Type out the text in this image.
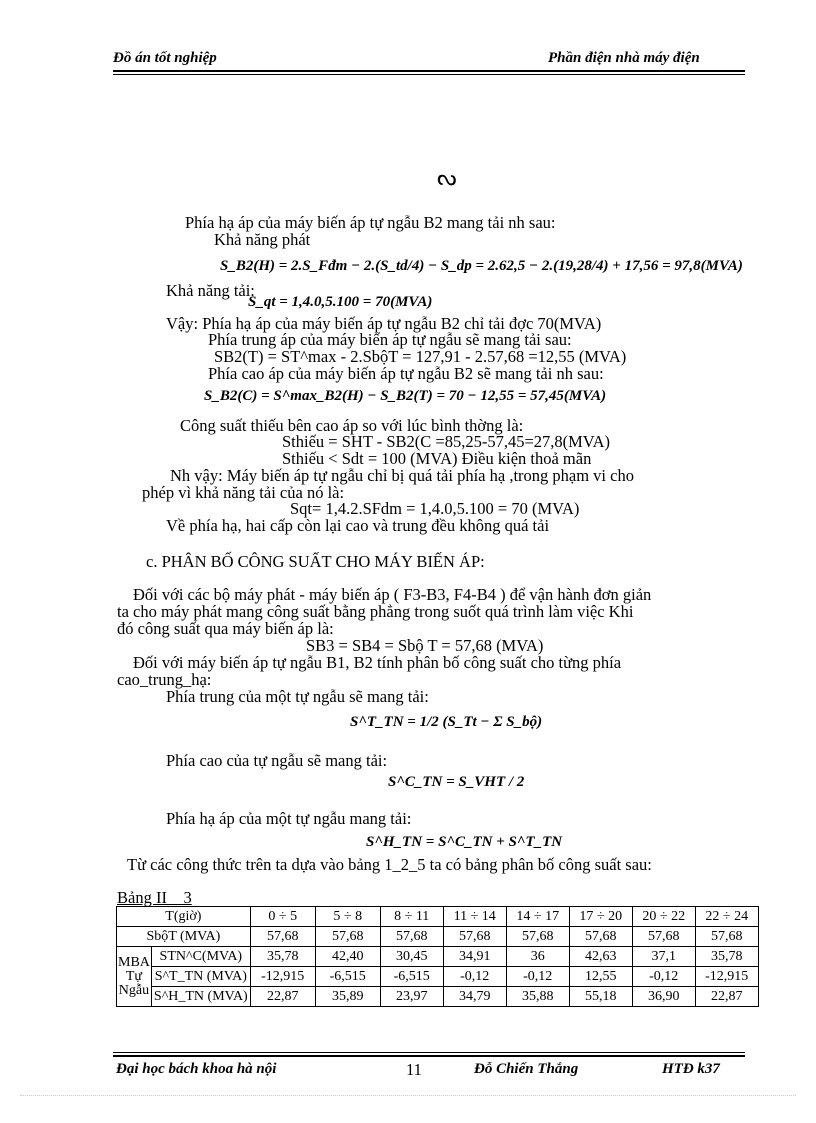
Đồ án tốt nghiệp	Phần điện nhà máy điện
ᔓ
Phía hạ áp của máy biến áp tự ngẫu B2 mang tải nh sau:
Khả năng phát
S_B2(H) = 2.S_Fđm − 2.(S_td/4) − S_dp = 2.62,5 − 2.(19,28/4) + 17,56 = 97,8(MVA)
Khả năng tải:
S_qt = 1,4.0,5.100 = 70(MVA)
Vậy: Phía hạ áp của máy biến áp tự ngẫu B2 chỉ tải đợc 70(MVA)
Phía trung áp của máy biến áp tự ngẫu sẽ mang tải sau:
SB2(T) = ST^max - 2.SbộT = 127,91 - 2.57,68 =12,55 (MVA)
Phía cao áp của máy biến áp tự ngẫu B2 sẽ mang tải nh sau:
S_B2(C) = S^max_B2(H) − S_B2(T) = 70 − 12,55 = 57,45(MVA)
Công suất thiếu bên cao áp so với lúc bình thờng là:
Sthiếu = SHT - SB2(C =85,25-57,45=27,8(MVA)
Sthiếu < Sdt = 100 (MVA) Điều kiện thoả mãn
Nh vậy: Máy biến áp tự ngẫu chỉ bị quá tải phía hạ ,trong phạm vi cho
phép vì khả năng tải của nó là:
Sqt= 1,4.2.SFdm = 1,4.0,5.100 = 70 (MVA)
Về phía hạ, hai cấp còn lại cao và trung đều không quá tải
c. PHÂN BỐ CÔNG SUẤT CHO MÁY BIẾN ÁP:
Đối với các bộ máy phát - máy biến áp ( F3-B3, F4-B4 ) để vận hành đơn giản
ta cho máy phát mang công suất bằng phẳng trong suốt quá trình làm việc Khi
đó công suất qua máy biến áp là:
SB3 = SB4 = Sbộ T = 57,68 (MVA)
Đối với máy biến áp tự ngẫu B1, B2 tính phân bố công suất cho từng phía
cao_trung_hạ:
Phía trung của một tự ngẫu sẽ mang tải:
S^T_TN = 1/2 (S_Tt − Σ S_bộ)
Phía cao của tự ngẫu sẽ mang tải:
S^C_TN = S_VHT / 2
Phía hạ áp của một tự ngẫu mang tải:
S^H_TN = S^C_TN + S^T_TN
Từ các công thức trên ta dựa vào bảng 1_2_5 ta có bảng phân bố công suất sau:
Bảng II _ 3
T(giờ)		0 ÷ 5	5 ÷ 8	8 ÷ 11	11 ÷ 14	14 ÷ 17	17 ÷ 20	20 ÷ 22	22 ÷ 24
SbộT (MVA)		57,68	57,68	57,68	57,68	57,68	57,68	57,68	57,68

MBA
Tự
Ngẫu	STN^C(MVA)	35,78	42,40	30,45	34,91	36	42,63	37,1	35,78
	S^T_TN (MVA)	-12,915	-6,515	-6,515	-0,12	-0,12	12,55	-0,12	-12,915
	S^H_TN (MVA)	22,87	35,89	23,97	34,79	35,88	55,18	36,90	22,87
Đại học bách khoa hà nội	11	Đỗ Chiến Thắng	HTĐ k37
